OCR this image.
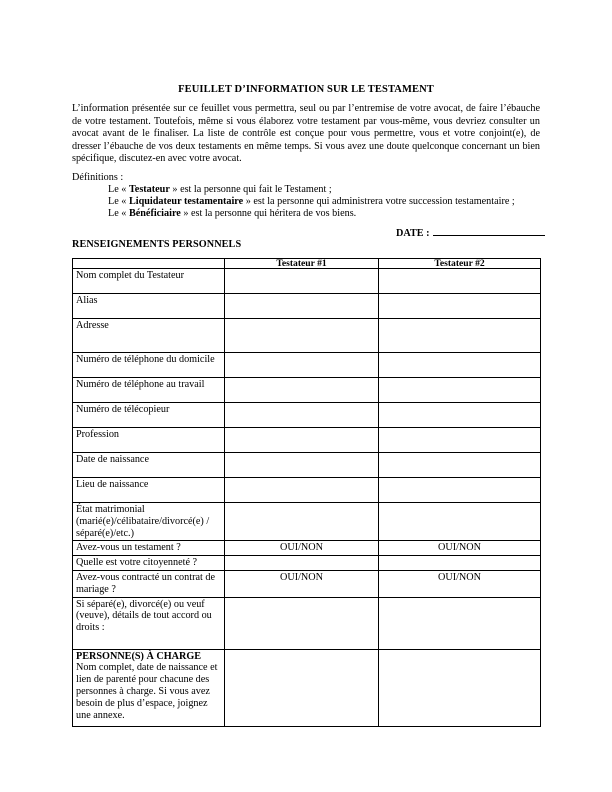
FEUILLET D’INFORMATION SUR LE TESTAMENT
L’information présentée sur ce feuillet vous permettra, seul ou par l’entremise de votre avocat, de faire l’ébauche de votre testament. Toutefois, même si vous élaborez votre testament par vous-même, vous devriez consulter un avocat avant de le finaliser. La liste de contrôle est conçue pour vous permettre, vous et votre conjoint(e), de dresser l’ébauche de vos deux testaments en même temps. Si vous avez une doute quelconque concernant un bien spécifique, discutez-en avec votre avocat.
Définitions :
Le « Testateur » est la personne qui fait le Testament ;
Le « Liquidateur testamentaire » est la personne qui administrera votre succession testamentaire ;
Le « Bénéficiaire » est la personne qui héritera de vos biens.
DATE :
RENSEIGNEMENTS PERSONNELS
	Testateur #1	Testateur #2
Nom complet du Testateur		
Alias		
Adresse		
Numéro de téléphone du domicile		
Numéro de téléphone au travail		
Numéro de télécopieur		
Profession		
Date de naissance		
Lieu de naissance		
État matrimonial (marié(e)/célibataire/divorcé(e) / séparé(e)/etc.)		
Avez-vous un testament ?	OUI/NON	OUI/NON
Quelle est votre citoyenneté ?		
Avez-vous contracté un contrat de mariage ?	OUI/NON	OUI/NON
Si séparé(e), divorcé(e) ou veuf (veuve), détails de tout accord ou droits :		

PERSONNE(S) À CHARGE
Nom complet, date de naissance et lien de parenté pour chacune des personnes à charge. Si vous avez besoin de plus d’espace, joignez une annexe.		
